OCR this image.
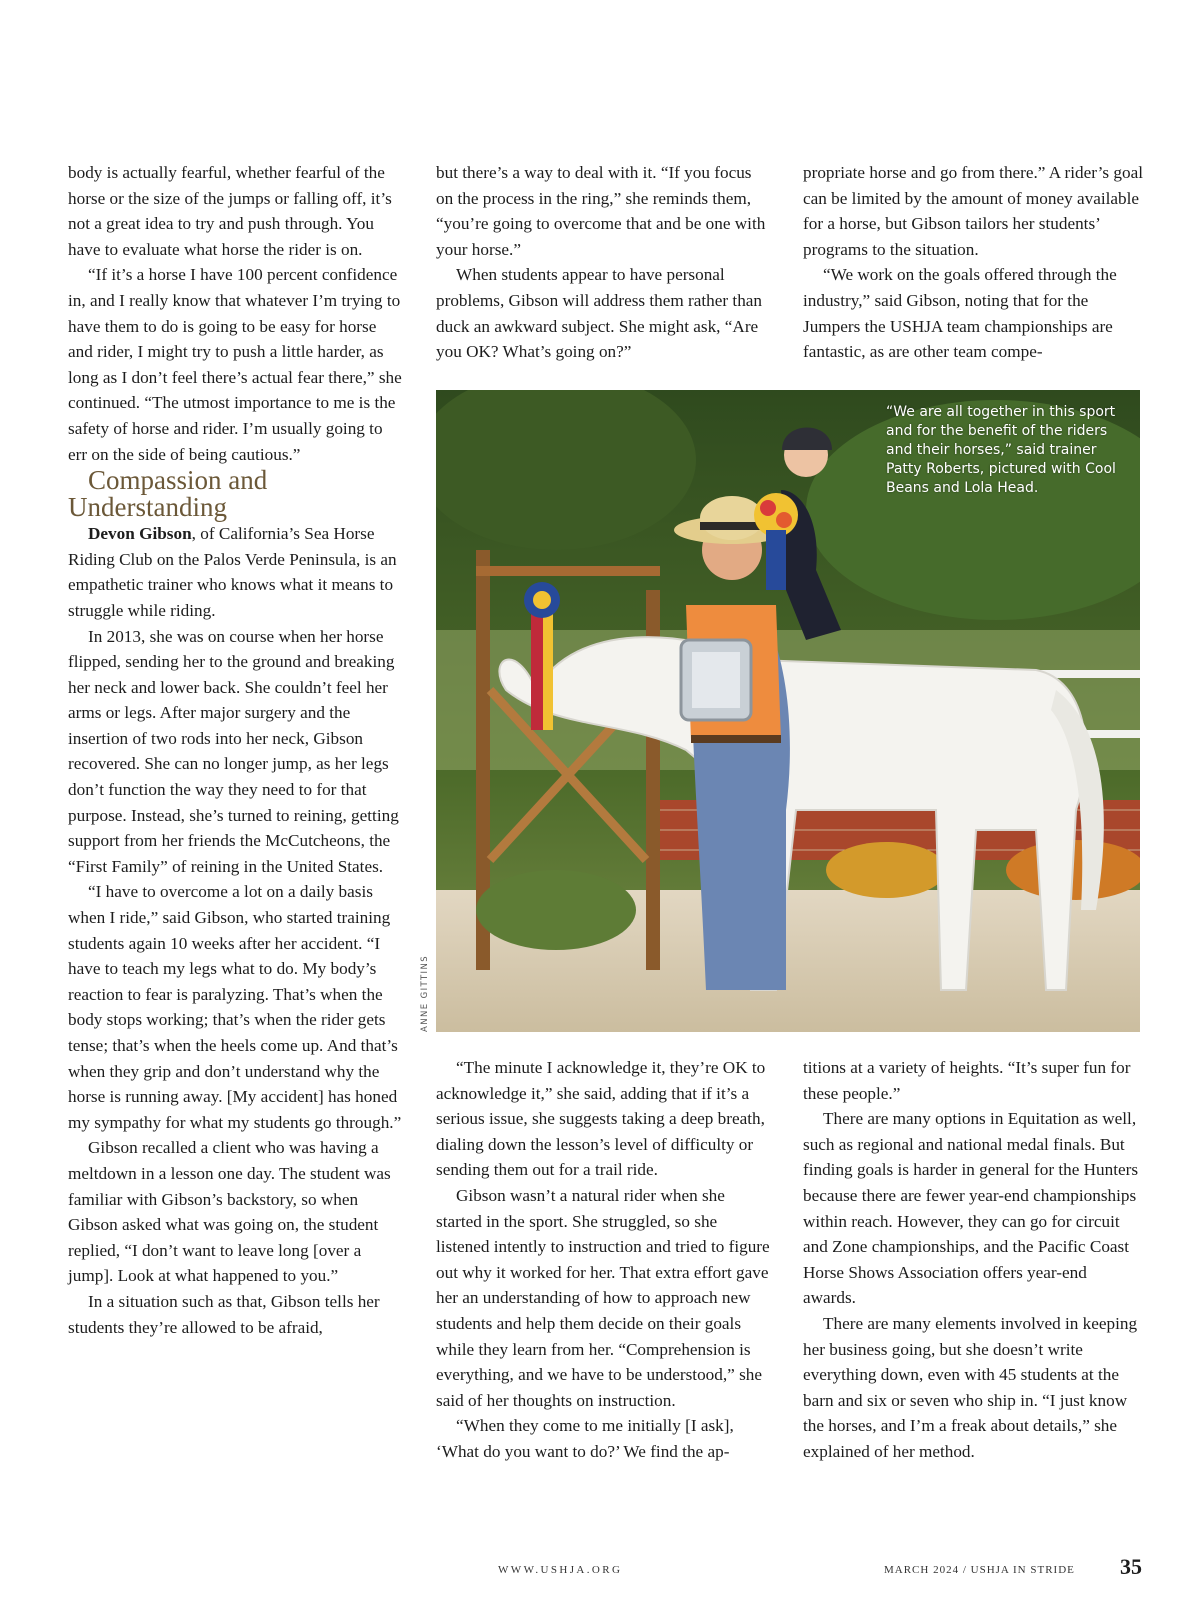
body is actually fearful, whether fearful of the horse or the size of the jumps or falling off, it’s not a great idea to try and push through. You have to evaluate what horse the rider is on.

“If it’s a horse I have 100 percent confidence in, and I really know that whatever I’m trying to have them to do is going to be easy for horse and rider, I might try to push a little harder, as long as I don’t feel there’s actual fear there,” she continued. “The utmost importance to me is the safety of horse and rider. I’m usually going to err on the side of being cautious.”

Compassion and Understanding

Devon Gibson, of California’s Sea Horse Riding Club on the Palos Verde Peninsula, is an empathetic trainer who knows what it means to struggle while riding.

In 2013, she was on course when her horse flipped, sending her to the ground and breaking her neck and lower back. She couldn’t feel her arms or legs. After major surgery and the insertion of two rods into her neck, Gibson recovered. She can no longer jump, as her legs don’t function the way they need to for that purpose. Instead, she’s turned to reining, getting support from her friends the McCutcheons, the “First Family” of reining in the United States.

“I have to overcome a lot on a daily basis when I ride,” said Gibson, who started training students again 10 weeks after her accident. “I have to teach my legs what to do. My body’s reaction to fear is paralyzing. That’s when the body stops working; that’s when the rider gets tense; that’s when the heels come up. And that’s when they grip and don’t understand why the horse is running away. [My accident] has honed my sympathy for what my students go through.”

Gibson recalled a client who was having a meltdown in a lesson one day. The student was familiar with Gibson’s backstory, so when Gibson asked what was going on, the student replied, “I don’t want to leave long [over a jump]. Look at what happened to you.”

In a situation such as that, Gibson tells her students they’re allowed to be afraid,

but there’s a way to deal with it. “If you focus on the process in the ring,” she reminds them, “you’re going to overcome that and be one with your horse.”

When students appear to have personal problems, Gibson will address them rather than duck an awkward subject. She might ask, “Are you OK? What’s going on?”

propriate horse and go from there.” A rider’s goal can be limited by the amount of money available for a horse, but Gibson tailors her students’ programs to the situation.

“We work on the goals offered through the industry,” said Gibson, noting that for the Jumpers the USHJA team championships are fantastic, as are other team compe-

“We are all together in this sport and for the benefit of the riders and their horses,” said trainer Patty Roberts, pictured with Cool Beans and Lola Head.
ANNE GITTINS

“The minute I acknowledge it, they’re OK to acknowledge it,” she said, adding that if it’s a serious issue, she suggests taking a deep breath, dialing down the lesson’s level of difficulty or sending them out for a trail ride.

Gibson wasn’t a natural rider when she started in the sport. She struggled, so she listened intently to instruction and tried to figure out why it worked for her. That extra effort gave her an understanding of how to approach new students and help them decide on their goals while they learn from her. “Comprehension is everything, and we have to be understood,” she said of her thoughts on instruction.

“When they come to me initially [I ask], ‘What do you want to do?’ We find the ap-

titions at a variety of heights. “It’s super fun for these people.”

There are many options in Equitation as well, such as regional and national medal finals. But finding goals is harder in general for the Hunters because there are fewer year-end championships within reach. However, they can go for circuit and Zone championships, and the Pacific Coast Horse Shows Association offers year-end awards.

There are many elements involved in keeping her business going, but she doesn’t write everything down, even with 45 students at the barn and six or seven who ship in. “I just know the horses, and I’m a freak about details,” she explained of her method.

WWW.USHJA.ORG	MARCH 2024 / USHJA IN STRIDE 35
